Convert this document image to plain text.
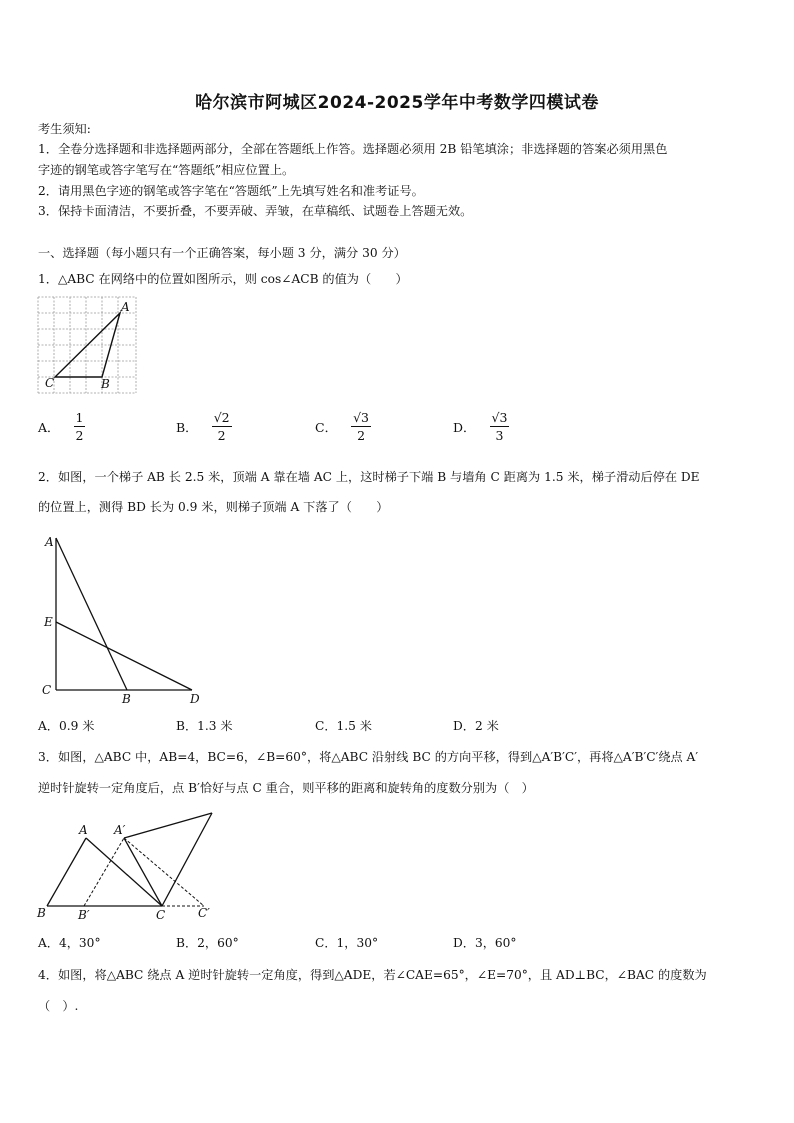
哈尔滨市阿城区2024-2025学年中考数学四模试卷
考生须知:
1．全卷分选择题和非选择题两部分，全部在答题纸上作答。选择题必须用 2B 铅笔填涂；非选择题的答案必须用黑色
字迹的钢笔或答字笔写在“答题纸”相应位置上。
2．请用黑色字迹的钢笔或答字笔在“答题纸”上先填写姓名和准考证号。
3．保持卡面清洁，不要折叠，不要弄破、弄皱，在草稿纸、试题卷上答题无效。
一、选择题（每小题只有一个正确答案，每小题 3 分，满分 30 分）
1．△ABC 在网络中的位置如图所示，则 cos∠ACB 的值为（　　）
A
C	B
A． $\frac{1}{2}$	B． $\frac{√2}{2}$	C． $\frac{√3}{2}$	D． $\frac{√3}{3}$
2．如图，一个梯子 AB 长 2.5 米，顶端 A 靠在墙 AC 上，这时梯子下端 B 与墙角 C 距离为 1.5 米，梯子滑动后停在 DE
的位置上，测得 BD 长为 0.9 米，则梯子顶端 A 下落了（　　）
A
E
C
B	D
A．0.9 米	B．1.3 米	C．1.5 米	D．2 米
3．如图，△ABC 中，AB=4，BC=6，∠B=60°，将△ABC 沿射线 BC 的方向平移，得到△A′B′C′，再将△A′B′C′绕点 A′
逆时针旋转一定角度后，点 B′恰好与点 C 重合，则平移的距离和旋转角的度数分别为（　）
A A′
B	B′	C	C′
A．4，30°	B．2，60°	C．1，30°	D．3，60°
4．如图，将△ABC 绕点 A 逆时针旋转一定角度，得到△ADE，若∠CAE=65°，∠E=70°，且 AD⊥BC，∠BAC 的度数为
（　）.
